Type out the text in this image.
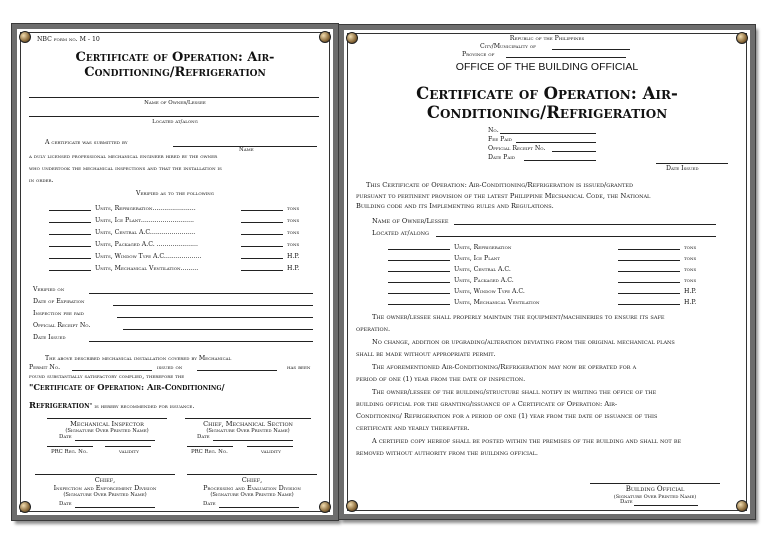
NBC form no. M - 10
Certificate of Operation: Air-
Conditioning/Refrigeration
Name of Owner/Lessee
Located at/along
A certificate was submitted by
Name
a duly licensed professional mechanical engineer hired by the owner
who undertook the mechanical inspections and that the installation is
in order.
Verified as to the following
Units, Refrigeration......................	tons
Units, Ice Plant...........................	tons
Units, Central A.C.......................	tons
Units, Packaged A.C. .....................	tons
Units, Window Type A.C...................	H.P.
Units, Mechanical Ventilation.........	H.P.
Verified on
Date of Expiration
Inspection fee paid
Official Receipt No.
Date Issued
The above described mechanical installation covered by Mechanical
Permit No.	issued on	has been
found substantially satisfactory complied, therefore the
"Certificate of Operation: Air-Conditioning/
Refrigeration" is hereby recommended for issuance.
Mechanical Inspector
(Signature Over Printed Name)
Date
Chief, Mechanical Section
(Signature Over Printed Name)
Date
PRC Reg. No.	validity	PRC Reg. No.	validity
Chief,
Inspection and Enforcement Division
(Signature Over Printed Name)
Date
Chief,
Processing and Evaluation Division
(Signature Over Printed Name)
Date
Republic of the Philippines
City/Municipality of
Province of
OFFICE OF THE BUILDING OFFICIAL
Certificate of Operation: Air-
Conditioning/Refrigeration
No.
Fee Paid
Official Receipt No.
Date Paid
Date Issued
This Certificate of Operation: Air-Conditioning/Refrigeration is issued/granted
pursuant to pertinent provision of the latest Philippine Mechanical Code, the National
Building code and its Implementing rules and Regulations.
Name of Owner/Lessee
Located at/along
Units, Refrigeration	tons
Units, Ice Plant	tons
Units, Central A.C.	tons
Units, Packaged A.C.	tons
Units, Window Type A.C.	H.P.
Units, Mechanical Ventilation	H.P.
The owner/lessee shall properly maintain the equipment/machineries to ensure its safe
operation.
No change, addition or upgrading/alteration deviating from the original mechanical plans
shall be made without appropriate permit.
The aforementioned Air-Conditioning/Refrigeration may now be operated for a
period of one (1) year from the date of inspection.
The owner/lessee of the building/structure shall notify in writing the office of the
building official for the granting/issuance of a Certificate of Operation: Air-
Conditioning/ Refrigeration for a period of one (1) year from the date of issuance of this
certificate and yearly thereafter.
A certified copy hereof shall be posted within the premises of the building and shall not be
removed without authority from the building official.
Building Official
(Signature Over Printed Name)
Date
